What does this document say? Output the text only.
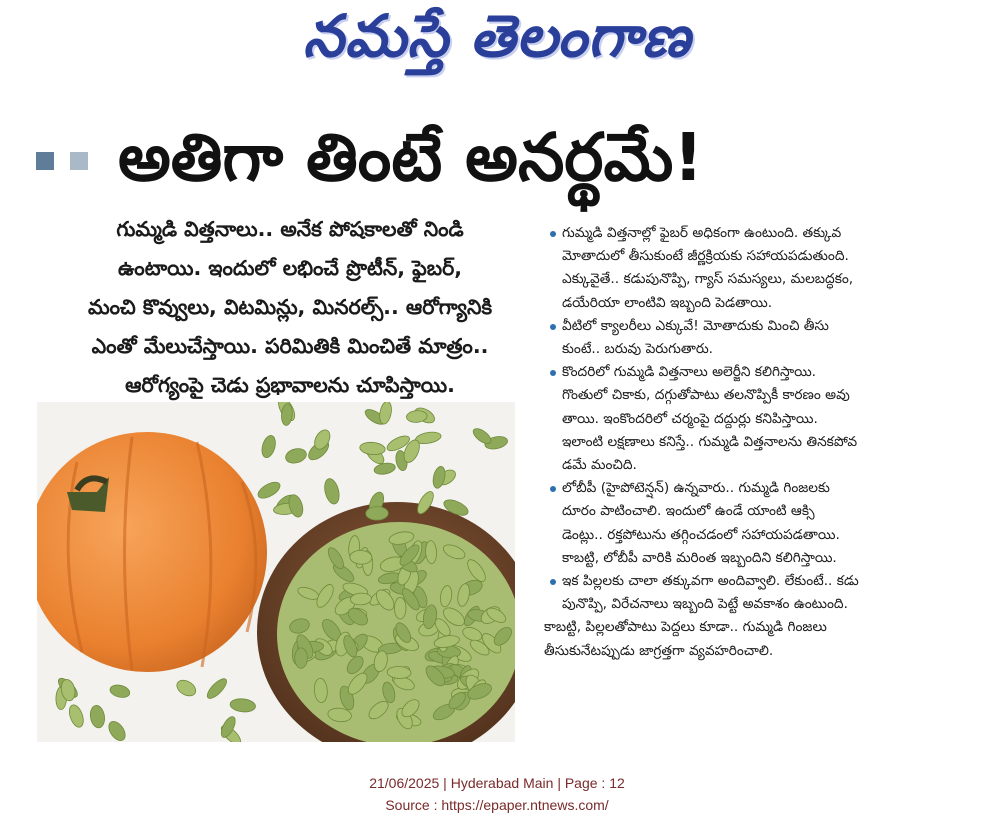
నమస్తే తెలంగాణ
అతిగా తింటే అనర్థమే!
గుమ్మడి విత్తనాలు.. అనేక పోషకాలతో నిండి
ఉంటాయి. ఇందులో లభించే ప్రొటీన్, ఫైబర్,
మంచి కొవ్వులు, విటమిన్లు, మినరల్స్.. ఆరోగ్యానికి
ఎంతో మేలుచేస్తాయి. పరిమితికి మించితే మాత్రం..
ఆరోగ్యంపై చెడు ప్రభావాలను చూపిస్తాయి.
గుమ్మడి విత్తనాల్లో ఫైబర్ అధికంగా ఉంటుంది. తక్కువ
మోతాదులో తీసుకుంటే జీర్ణక్రియకు సహాయపడుతుంది.
ఎక్కువైతే.. కడుపునొప్పి, గ్యాస్ సమస్యలు, మలబద్ధకం,
డయేరియా లాంటివి ఇబ్బంది పెడతాయి.
వీటిలో క్యాలరీలు ఎక్కువే! మోతాదుకు మించి తీసు
కుంటే.. బరువు పెరుగుతారు.
కొందరిలో గుమ్మడి విత్తనాలు అలెర్జీని కలిగిస్తాయి.
గొంతులో చికాకు, దగ్గుతోపాటు తలనొప్పికీ కారణం అవు
తాయి. ఇంకొందరిలో చర్మంపై దద్దుర్లు కనిపిస్తాయి.
ఇలాంటి లక్షణాలు కనిస్తే.. గుమ్మడి విత్తనాలను తినకపోవ
డమే మంచిది.
లోబీపీ (హైపోటెన్షన్) ఉన్నవారు.. గుమ్మడి గింజలకు
దూరం పాటించాలి. ఇందులో ఉండే యాంటి ఆక్సి
డెంట్లు.. రక్తపోటును తగ్గించడంలో సహాయపడతాయి.
కాబట్టి, లోబీపీ వారికి మరింత ఇబ్బందిని కలిగిస్తాయి.
ఇక పిల్లలకు చాలా తక్కువగా అందివ్వాలి. లేకుంటే.. కడు
పునొప్పి, విరేచనాలు ఇబ్బంది పెట్టే అవకాశం ఉంటుంది.
కాబట్టి, పిల్లలతోపాటు పెద్దలు కూడా.. గుమ్మడి గింజలు
తీసుకునేటప్పుడు జాగ్రత్తగా వ్యవహరించాలి.
21/06/2025 | Hyderabad Main | Page : 12
Source : https://epaper.ntnews.com/
